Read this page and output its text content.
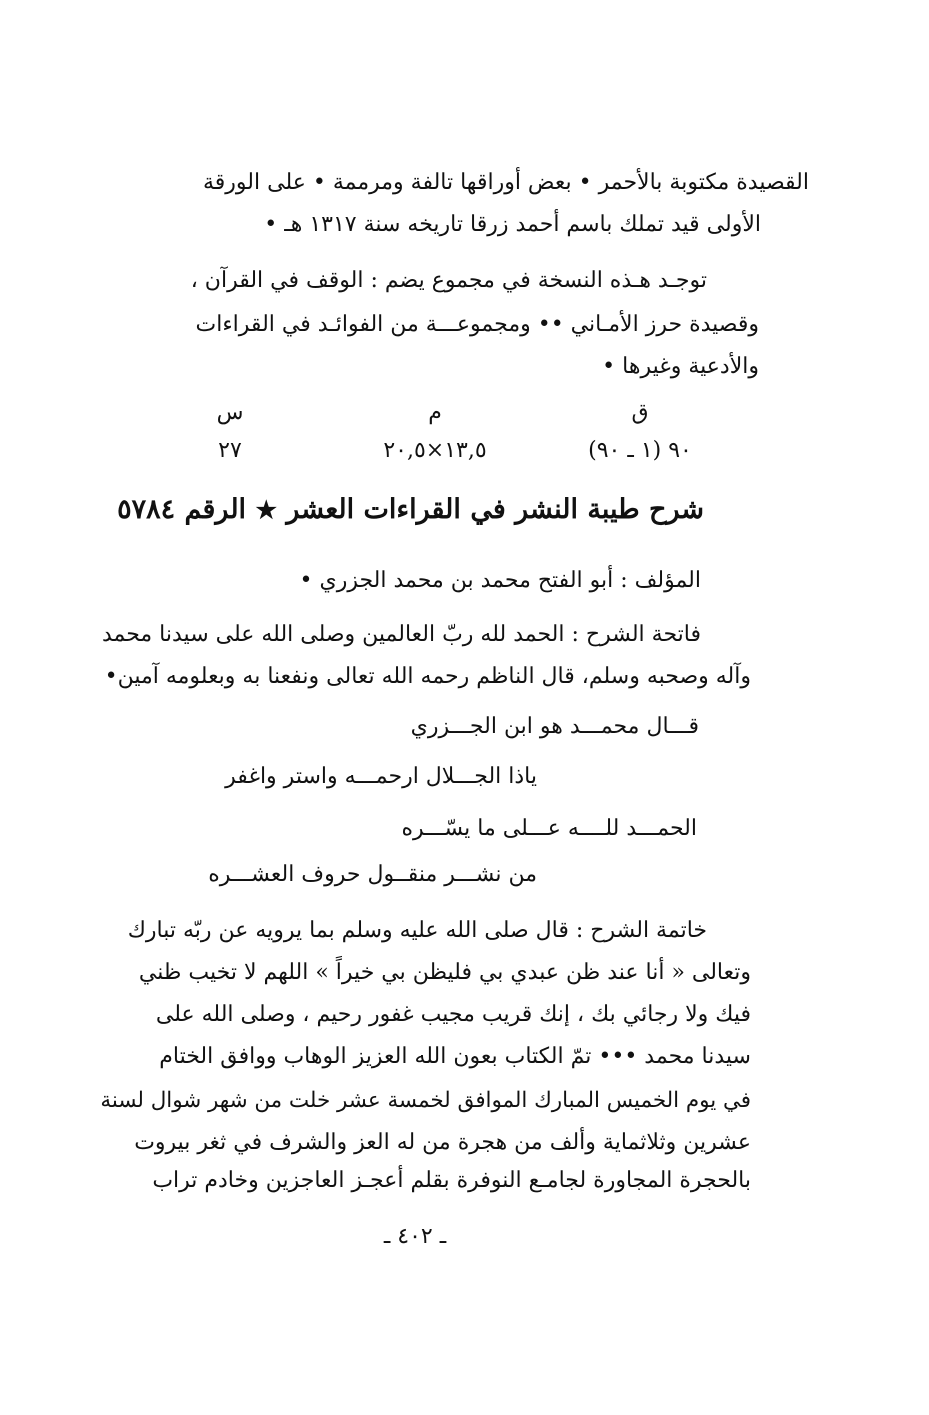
القصيدة مكتوبة بالأحمر • بعض أوراقها تالفة ومرممة • على الورقة
الأولى قيد تملك باسم أحمد زرقا تاريخه سنة ١٣١٧ هـ •
توجـد هـذه النسخة في مجموع يضم : الوقف في القرآن ،
وقصيدة حرز الأمـاني •• ومجموعـــة من الفوائـد في القراءات
والأدعية وغيرها •
ق
م
س
٩٠ (١ ـ ٩٠)
١٣,٥×٢٠,٥
٢٧
شرح طيبة النشر في القراءات العشر ★ الرقم ٥٧٨٤
المؤلف : أبو الفتح محمد بن محمد الجزري •
فاتحة الشرح : الحمد لله ربّ العالمين وصلى الله على سيدنا محمد
وآله وصحبه وسلم، قال الناظم رحمه الله تعالى ونفعنا به وبعلومه آمين•
قـــال محمـــد هو ابن الجـــزري
ياذا الجـــلال ارحمـــه واستر واغفر
الحمـــد للــــه عـــلى ما يسّـــره
من نشـــر منقــول حروف العشـــره
خاتمة الشرح : قال صلى الله عليه وسلم بما يرويه عن ربّه تبارك
وتعالى « أنا عند ظن عبدي بي فليظن بي خيراً » اللهم لا تخيب ظني
فيك ولا رجائي بك ، إنك قريب مجيب غفور رحيم ، وصلى الله على
سيدنا محمد ••• تمّ الكتاب بعون الله العزيز الوهاب ووافق الختام
في يوم الخميس المبارك الموافق لخمسة عشر خلت من شهر شوال لسنة
عشرين وثلاثماية وألف من هجرة من له العز والشرف في ثغر بيروت
بالحجرة المجاورة لجامـع النوفرة بقلم أعجـز العاجزين وخادم تراب
ـ ٤٠٢ ـ
